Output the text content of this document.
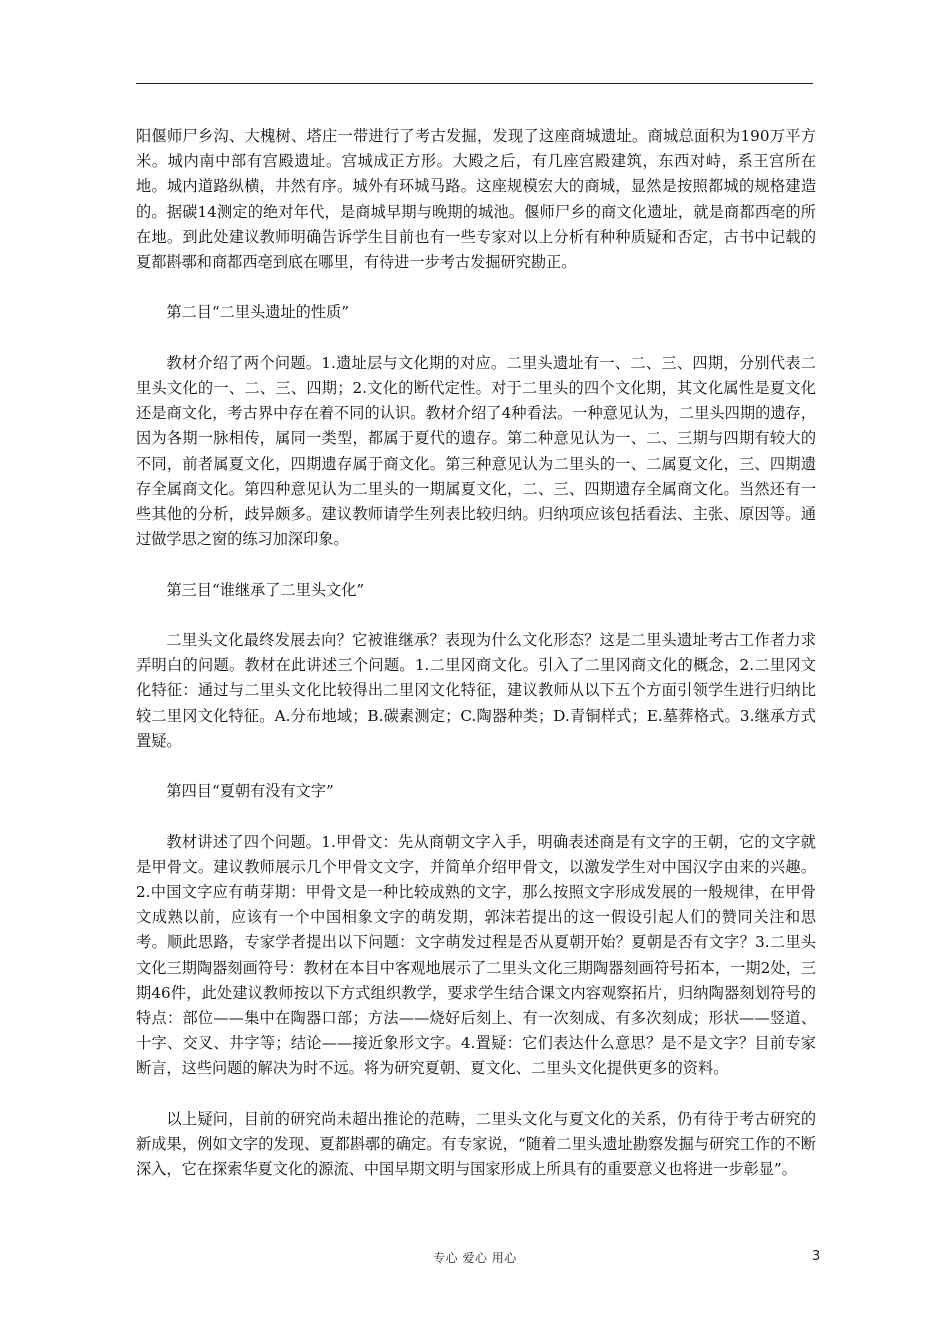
阳偃师尸乡沟、大槐树、塔庄一带进行了考古发掘，发现了这座商城遗址。商城总面积为190万平方米。城内南中部有宫殿遗址。宫城成正方形。大殿之后，有几座宫殿建筑，东西对峙，系王宫所在地。城内道路纵横，井然有序。城外有环城马路。这座规模宏大的商城，显然是按照都城的规格建造的。据碳14测定的绝对年代，是商城早期与晚期的城池。偃师尸乡的商文化遗址，就是商都西亳的所在地。到此处建议教师明确告诉学生目前也有一些专家对以上分析有种种质疑和否定，古书中记载的夏都斟鄩和商都西亳到底在哪里，有待进一步考古发掘研究勘正。

第二目“二里头遗址的性质”

教材介绍了两个问题。1.遗址层与文化期的对应。二里头遗址有一、二、三、四期，分别代表二里头文化的一、二、三、四期；2.文化的断代定性。对于二里头的四个文化期，其文化属性是夏文化还是商文化，考古界中存在着不同的认识。教材介绍了4种看法。一种意见认为，二里头四期的遗存，因为各期一脉相传，属同一类型，都属于夏代的遗存。第二种意见认为一、二、三期与四期有较大的不同，前者属夏文化，四期遗存属于商文化。第三种意见认为二里头的一、二属夏文化，三、四期遗存全属商文化。第四种意见认为二里头的一期属夏文化，二、三、四期遗存全属商文化。当然还有一些其他的分析，歧异颇多。建议教师请学生列表比较归纳。归纳项应该包括看法、主张、原因等。通过做学思之窗的练习加深印象。

第三目“谁继承了二里头文化”

二里头文化最终发展去向？它被谁继承？表现为什么文化形态？这是二里头遗址考古工作者力求弄明白的问题。教材在此讲述三个问题。1.二里冈商文化。引入了二里冈商文化的概念，2.二里冈文化特征：通过与二里头文化比较得出二里冈文化特征，建议教师从以下五个方面引领学生进行归纳比较二里冈文化特征。A.分布地域；B.碳素测定；C.陶器种类；D.青铜样式；E.墓葬格式。3.继承方式置疑。

第四目“夏朝有没有文字”

教材讲述了四个问题。1.甲骨文：先从商朝文字入手，明确表述商是有文字的王朝，它的文字就是甲骨文。建议教师展示几个甲骨文文字，并简单介绍甲骨文，以激发学生对中国汉字由来的兴趣。2.中国文字应有萌芽期：甲骨文是一种比较成熟的文字，那么按照文字形成发展的一般规律，在甲骨文成熟以前，应该有一个中国相象文字的萌发期，郭沫若提出的这一假设引起人们的赞同关注和思考。顺此思路，专家学者提出以下问题：文字萌发过程是否从夏朝开始？夏朝是否有文字？3.二里头文化三期陶器刻画符号：教材在本目中客观地展示了二里头文化三期陶器刻画符号拓本，一期2处，三期46件，此处建议教师按以下方式组织教学，要求学生结合课文内容观察拓片，归纳陶器刻划符号的特点：部位——集中在陶器口部；方法——烧好后刻上、有一次刻成、有多次刻成；形状——竖道、十字、交叉、井字等；结论——接近象形文字。4.置疑：它们表达什么意思？是不是文字？目前专家断言，这些问题的解决为时不远。将为研究夏朝、夏文化、二里头文化提供更多的资料。

以上疑问，目前的研究尚未超出推论的范畴，二里头文化与夏文化的关系，仍有待于考古研究的新成果，例如文字的发现、夏都斟鄩的确定。有专家说，“随着二里头遗址勘察发掘与研究工作的不断深入，它在探索华夏文化的源流、中国早期文明与国家形成上所具有的重要意义也将进一步彰显”。

专心 爱心 用心	3
